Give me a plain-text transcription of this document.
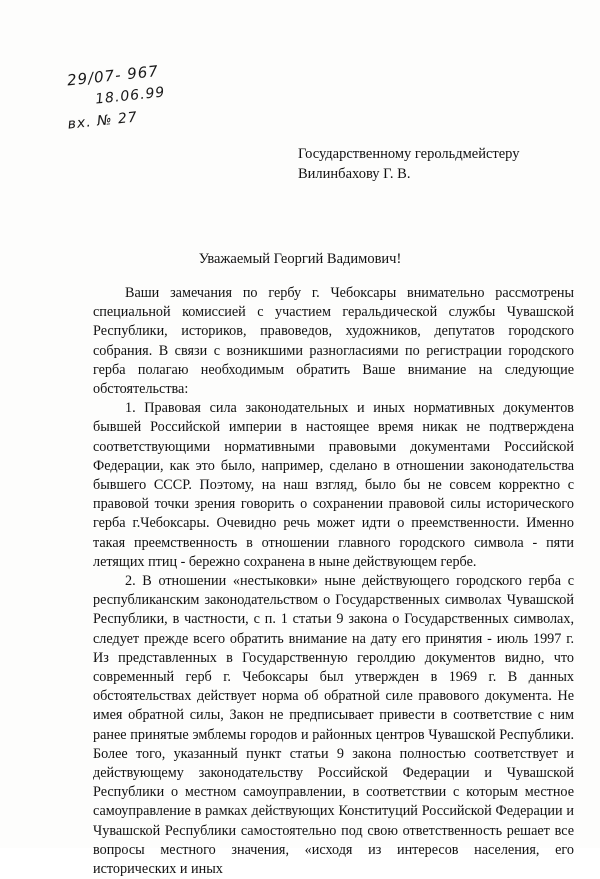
29/07- 967
18.06.99
вх. № 27
Государственному герольдмейстеру
Вилинбахову Г. В.
Уважаемый Георгий Вадимович!

Ваши замечания по гербу г. Чебоксары внимательно рассмотрены специальной комиссией с участием геральдической службы Чувашской Республики, историков, правоведов, художников, депутатов городского собрания. В связи с возникшими разногласиями по регистрации городского герба полагаю необходимым обратить Ваше внимание на следующие обстоятельства:

1. Правовая сила законодательных и иных нормативных документов бывшей Российской империи в настоящее время никак не подтверждена соответствующими нормативными правовыми документами Российской Федерации, как это было, например, сделано в отношении законодательства бывшего СССР. Поэтому, на наш взгляд, было бы не совсем корректно с правовой точки зрения говорить о сохранении правовой силы исторического герба г.Чебоксары. Очевидно речь может идти о преемственности. Именно такая преемственность в отношении главного городского символа - пяти летящих птиц - бережно сохранена в ныне действующем гербе.

2. В отношении «нестыковки» ныне действующего городского герба с республиканским законодательством о Государственных символах Чувашской Республики, в частности, с п. 1 статьи 9 закона о Государственных символах, следует прежде всего обратить внимание на дату его принятия - июль 1997 г. Из представленных в Государственную геролдию документов видно, что современный герб г. Чебоксары был утвержден в 1969 г. В данных обстоятельствах действует норма об обратной силе правового документа. Не имея обратной силы, Закон не предписывает привести в соответствие с ним ранее принятые эмблемы городов и районных центров Чувашской Республики. Более того, указанный пункт статьи 9 закона полностью соответствует и действующему законодательству Российской Федерации и Чувашской Республики о местном самоуправлении, в соответствии с которым местное самоуправление в рамках действующих Конституций Российской Федерации и Чувашской Республики самостоятельно под свою ответственность решает все вопросы местного значения, «исходя из интересов населения, его исторических и иных
